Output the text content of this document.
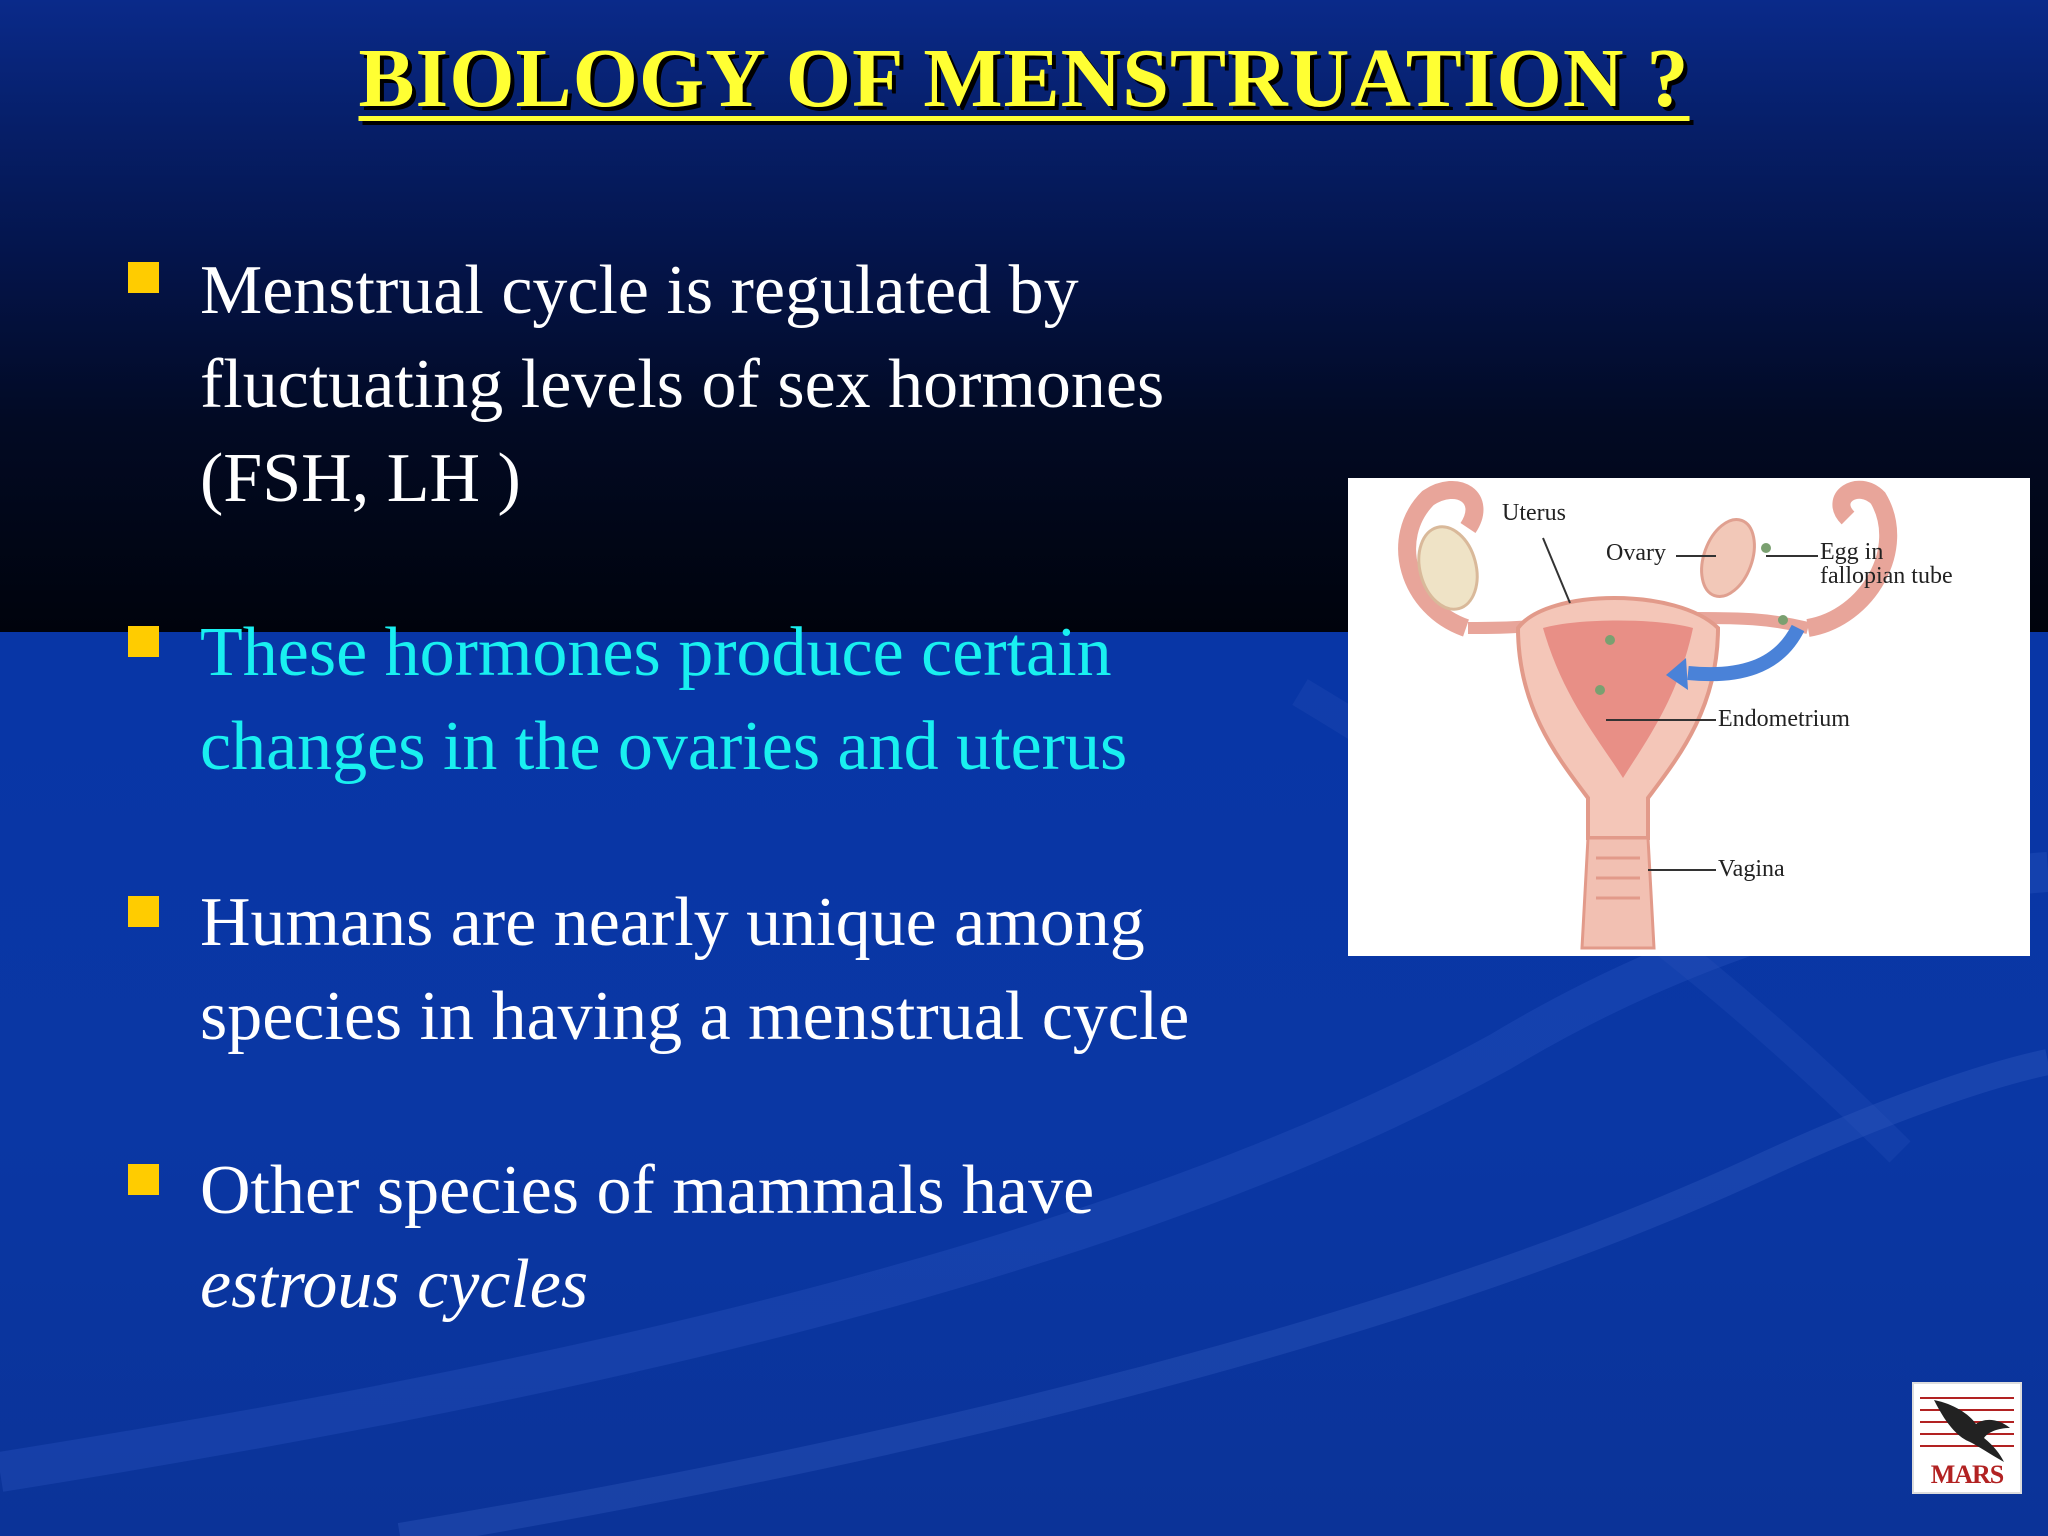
BIOLOGY OF MENSTRUATION ?
Menstrual cycle is regulated by
fluctuating levels of sex hormones
(FSH, LH )
These hormones produce certain
changes in the ovaries and uterus
Humans are nearly unique among
species in having a menstrual cycle
Other species of mammals have
estrous cycles
Uterus
Ovary	Egg in
fallopian tube
Endometrium
Vagina
MARS
